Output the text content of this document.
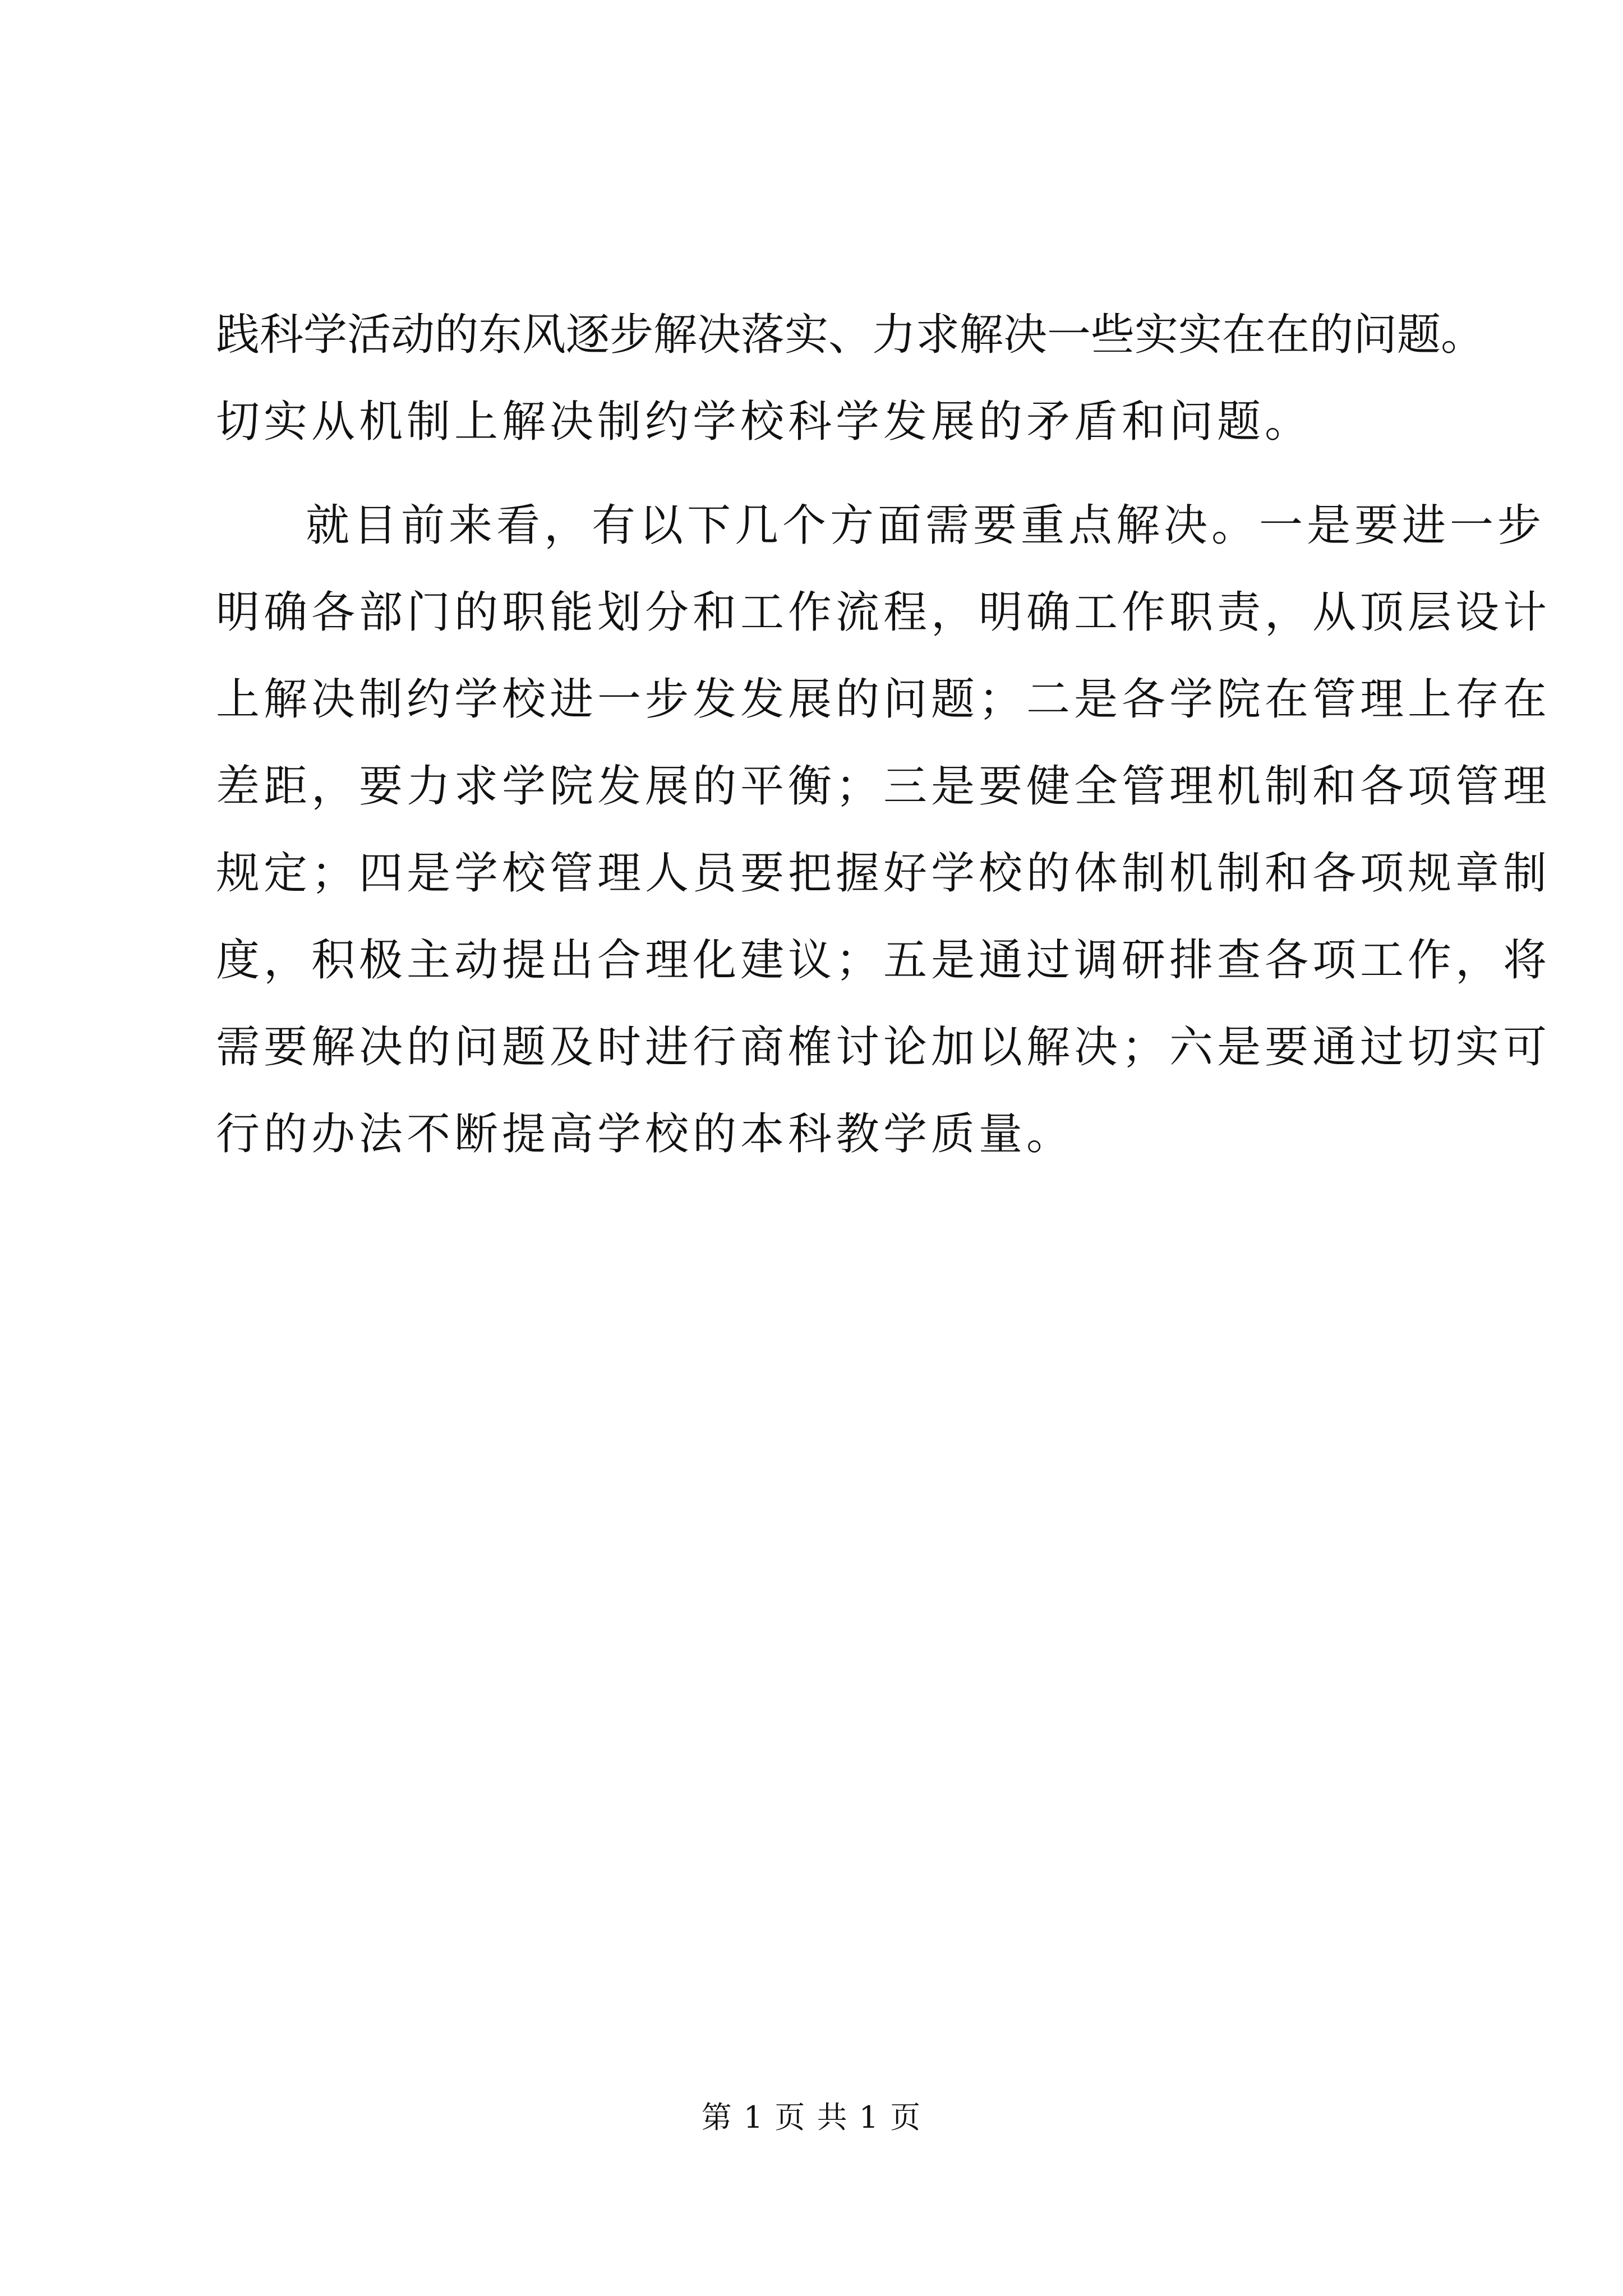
践科学活动的东风逐步解决落实、力求解决一些实实在在的问题。
切实从机制上解决制约学校科学发展的矛盾和问题。
就目前来看，有以下几个方面需要重点解决。一是要进一步
明确各部门的职能划分和工作流程，明确工作职责，从顶层设计
上解决制约学校进一步发发展的问题；二是各学院在管理上存在
差距，要力求学院发展的平衡；三是要健全管理机制和各项管理
规定；四是学校管理人员要把握好学校的体制机制和各项规章制
度，积极主动提出合理化建议；五是通过调研排查各项工作，将
需要解决的问题及时进行商榷讨论加以解决；六是要通过切实可
行的办法不断提高学校的本科教学质量。
第 1 页 共 1 页
